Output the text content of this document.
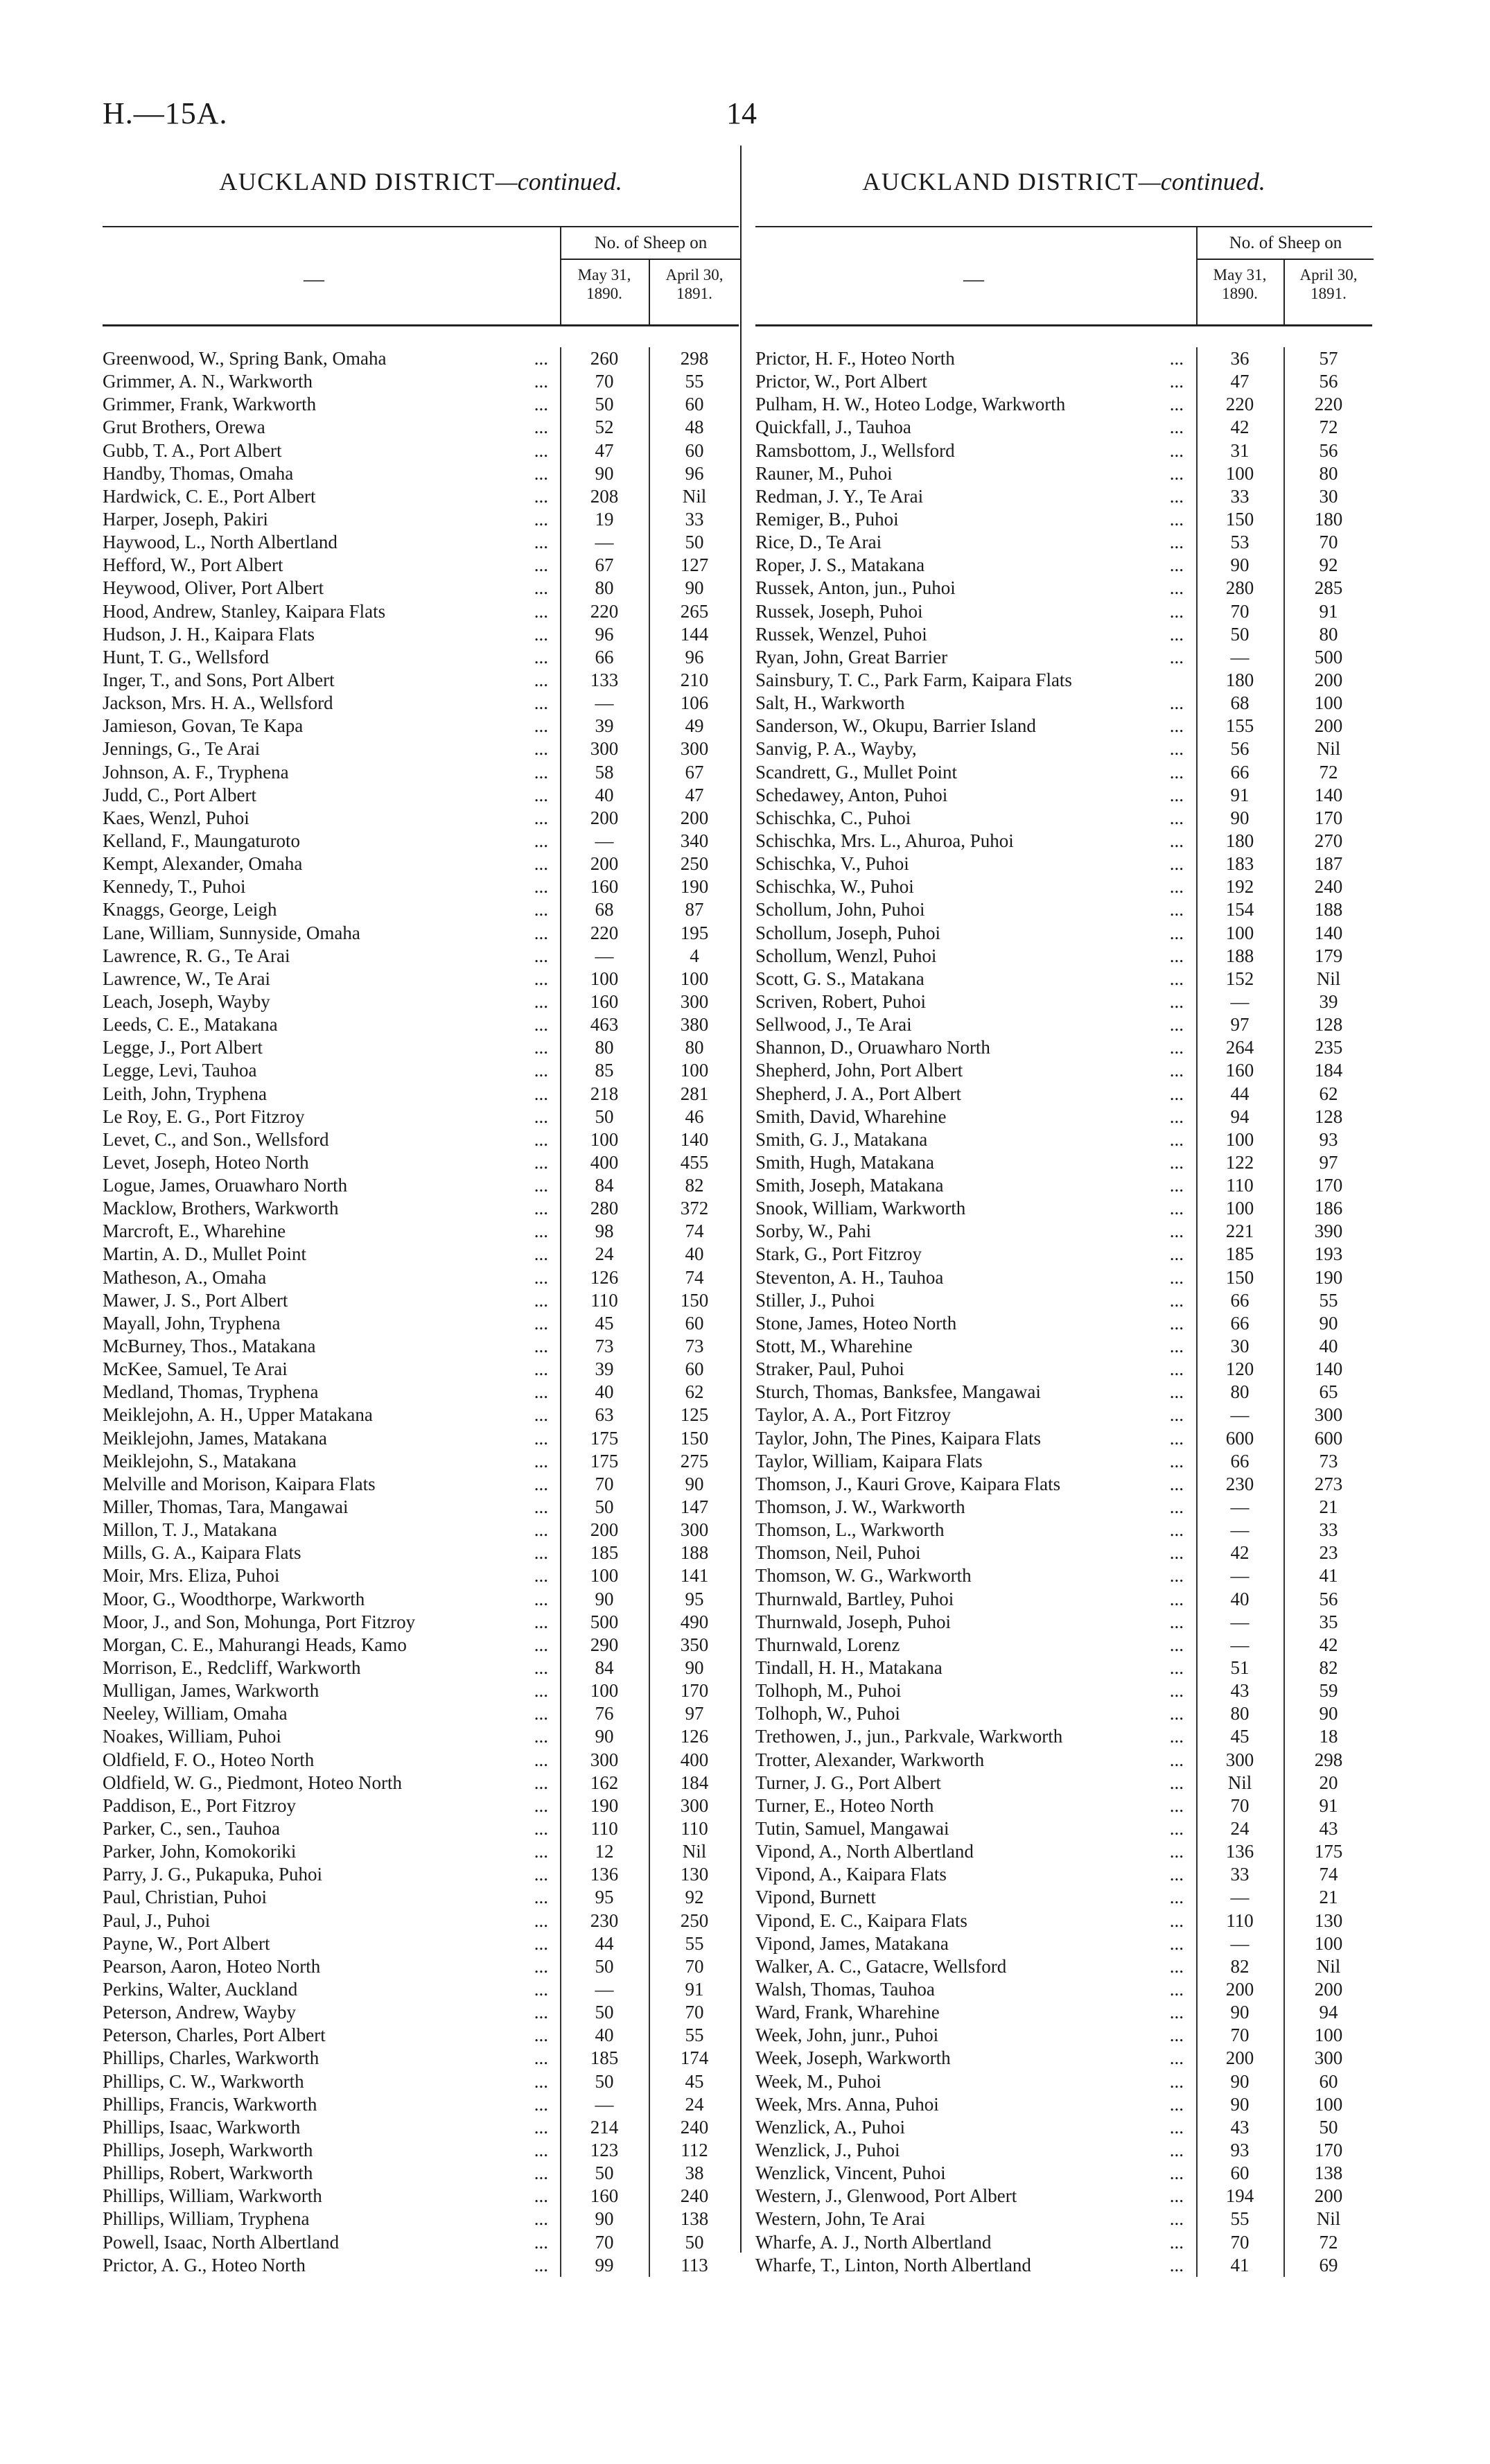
H.—15A.	14
AUCKLAND DISTRICT—continued.
—
No. of Sheep on
May 31, 1890.
April 30, 1891.
Greenwood, W., Spring Bank, Omaha	...	260	298
Grimmer, A. N., Warkworth	...	70	55
Grimmer, Frank, Warkworth	...	50	60
Grut Brothers, Orewa	...	52	48
Gubb, T. A., Port Albert	...	47	60
Handby, Thomas, Omaha	...	90	96
Hardwick, C. E., Port Albert	...	208	Nil
Harper, Joseph, Pakiri	...	19	33
Haywood, L., North Albertland	...	—	50
Hefford, W., Port Albert	...	67	127
Heywood, Oliver, Port Albert	...	80	90
Hood, Andrew, Stanley, Kaipara Flats	...	220	265
Hudson, J. H., Kaipara Flats	...	96	144
Hunt, T. G., Wellsford	...	66	96
Inger, T., and Sons, Port Albert	...	133	210
Jackson, Mrs. H. A., Wellsford	...	—	106
Jamieson, Govan, Te Kapa	...	39	49
Jennings, G., Te Arai	...	300	300
Johnson, A. F., Tryphena	...	58	67
Judd, C., Port Albert	...	40	47
Kaes, Wenzl, Puhoi	...	200	200
Kelland, F., Maungaturoto	...	—	340
Kempt, Alexander, Omaha	...	200	250
Kennedy, T., Puhoi	...	160	190
Knaggs, George, Leigh	...	68	87
Lane, William, Sunnyside, Omaha	...	220	195
Lawrence, R. G., Te Arai	...	—	4
Lawrence, W., Te Arai	...	100	100
Leach, Joseph, Wayby	...	160	300
Leeds, C. E., Matakana	...	463	380
Legge, J., Port Albert	...	80	80
Legge, Levi, Tauhoa	...	85	100
Leith, John, Tryphena	...	218	281
Le Roy, E. G., Port Fitzroy	...	50	46
Levet, C., and Son., Wellsford	...	100	140
Levet, Joseph, Hoteo North	...	400	455
Logue, James, Oruawharo North	...	84	82
Macklow, Brothers, Warkworth	...	280	372
Marcroft, E., Wharehine	...	98	74
Martin, A. D., Mullet Point	...	24	40
Matheson, A., Omaha	...	126	74
Mawer, J. S., Port Albert	...	110	150
Mayall, John, Tryphena	...	45	60
McBurney, Thos., Matakana	...	73	73
McKee, Samuel, Te Arai	...	39	60
Medland, Thomas, Tryphena	...	40	62
Meiklejohn, A. H., Upper Matakana	...	63	125
Meiklejohn, James, Matakana	...	175	150
Meiklejohn, S., Matakana	...	175	275
Melville and Morison, Kaipara Flats	...	70	90
Miller, Thomas, Tara, Mangawai	...	50	147
Millon, T. J., Matakana	...	200	300
Mills, G. A., Kaipara Flats	...	185	188
Moir, Mrs. Eliza, Puhoi	...	100	141
Moor, G., Woodthorpe, Warkworth	...	90	95
Moor, J., and Son, Mohunga, Port Fitzroy	...	500	490
Morgan, C. E., Mahurangi Heads, Kamo	...	290	350
Morrison, E., Redcliff, Warkworth	...	84	90
Mulligan, James, Warkworth	...	100	170
Neeley, William, Omaha	...	76	97
Noakes, William, Puhoi	...	90	126
Oldfield, F. O., Hoteo North	...	300	400
Oldfield, W. G., Piedmont, Hoteo North	...	162	184
Paddison, E., Port Fitzroy	...	190	300
Parker, C., sen., Tauhoa	...	110	110
Parker, John, Komokoriki	...	12	Nil
Parry, J. G., Pukapuka, Puhoi	...	136	130
Paul, Christian, Puhoi	...	95	92
Paul, J., Puhoi	...	230	250
Payne, W., Port Albert	...	44	55
Pearson, Aaron, Hoteo North	...	50	70
Perkins, Walter, Auckland	...	—	91
Peterson, Andrew, Wayby	...	50	70
Peterson, Charles, Port Albert	...	40	55
Phillips, Charles, Warkworth	...	185	174
Phillips, C. W., Warkworth	...	50	45
Phillips, Francis, Warkworth	...	—	24
Phillips, Isaac, Warkworth	...	214	240
Phillips, Joseph, Warkworth	...	123	112
Phillips, Robert, Warkworth	...	50	38
Phillips, William, Warkworth	...	160	240
Phillips, William, Tryphena	...	90	138
Powell, Isaac, North Albertland	...	70	50
Prictor, A. G., Hoteo North	...	99	113
AUCKLAND DISTRICT—continued.
—
No. of Sheep on
May 31, 1890.
April 30, 1891.
Prictor, H. F., Hoteo North	...	36	57
Prictor, W., Port Albert	...	47	56
Pulham, H. W., Hoteo Lodge, Warkworth	...	220	220
Quickfall, J., Tauhoa	...	42	72
Ramsbottom, J., Wellsford	...	31	56
Rauner, M., Puhoi	...	100	80
Redman, J. Y., Te Arai	...	33	30
Remiger, B., Puhoi	...	150	180
Rice, D., Te Arai	...	53	70
Roper, J. S., Matakana	...	90	92
Russek, Anton, jun., Puhoi	...	280	285
Russek, Joseph, Puhoi	...	70	91
Russek, Wenzel, Puhoi	...	50	80
Ryan, John, Great Barrier	...	—	500
Sainsbury, T. C., Park Farm, Kaipara Flats	180	200
Salt, H., Warkworth	...	68	100
Sanderson, W., Okupu, Barrier Island	...	155	200
Sanvig, P. A., Wayby,	...	56	Nil
Scandrett, G., Mullet Point	...	66	72
Schedawey, Anton, Puhoi	...	91	140
Schischka, C., Puhoi	...	90	170
Schischka, Mrs. L., Ahuroa, Puhoi	...	180	270
Schischka, V., Puhoi	...	183	187
Schischka, W., Puhoi	...	192	240
Schollum, John, Puhoi	...	154	188
Schollum, Joseph, Puhoi	...	100	140
Schollum, Wenzl, Puhoi	...	188	179
Scott, G. S., Matakana	...	152	Nil
Scriven, Robert, Puhoi	...	—	39
Sellwood, J., Te Arai	...	97	128
Shannon, D., Oruawharo North	...	264	235
Shepherd, John, Port Albert	...	160	184
Shepherd, J. A., Port Albert	...	44	62
Smith, David, Wharehine	...	94	128
Smith, G. J., Matakana	...	100	93
Smith, Hugh, Matakana	...	122	97
Smith, Joseph, Matakana	...	110	170
Snook, William, Warkworth	...	100	186
Sorby, W., Pahi	...	221	390
Stark, G., Port Fitzroy	...	185	193
Steventon, A. H., Tauhoa	...	150	190
Stiller, J., Puhoi	...	66	55
Stone, James, Hoteo North	...	66	90
Stott, M., Wharehine	...	30	40
Straker, Paul, Puhoi	...	120	140
Sturch, Thomas, Banksfee, Mangawai	...	80	65
Taylor, A. A., Port Fitzroy	...	—	300
Taylor, John, The Pines, Kaipara Flats	...	600	600
Taylor, William, Kaipara Flats	...	66	73
Thomson, J., Kauri Grove, Kaipara Flats	...	230	273
Thomson, J. W., Warkworth	...	—	21
Thomson, L., Warkworth	...	—	33
Thomson, Neil, Puhoi	...	42	23
Thomson, W. G., Warkworth	...	—	41
Thurnwald, Bartley, Puhoi	...	40	56
Thurnwald, Joseph, Puhoi	...	—	35
Thurnwald, Lorenz	...	—	42
Tindall, H. H., Matakana	...	51	82
Tolhoph, M., Puhoi	...	43	59
Tolhoph, W., Puhoi	...	80	90
Trethowen, J., jun., Parkvale, Warkworth	...	45	18
Trotter, Alexander, Warkworth	...	300	298
Turner, J. G., Port Albert	...	Nil	20
Turner, E., Hoteo North	...	70	91
Tutin, Samuel, Mangawai	...	24	43
Vipond, A., North Albertland	...	136	175
Vipond, A., Kaipara Flats	...	33	74
Vipond, Burnett	...	—	21
Vipond, E. C., Kaipara Flats	...	110	130
Vipond, James, Matakana	...	—	100
Walker, A. C., Gatacre, Wellsford	...	82	Nil
Walsh, Thomas, Tauhoa	...	200	200
Ward, Frank, Wharehine	...	90	94
Week, John, junr., Puhoi	...	70	100
Week, Joseph, Warkworth	...	200	300
Week, M., Puhoi	...	90	60
Week, Mrs. Anna, Puhoi	...	90	100
Wenzlick, A., Puhoi	...	43	50
Wenzlick, J., Puhoi	...	93	170
Wenzlick, Vincent, Puhoi	...	60	138
Western, J., Glenwood, Port Albert	...	194	200
Western, John, Te Arai	...	55	Nil
Wharfe, A. J., North Albertland	...	70	72
Wharfe, T., Linton, North Albertland	...	41	69
